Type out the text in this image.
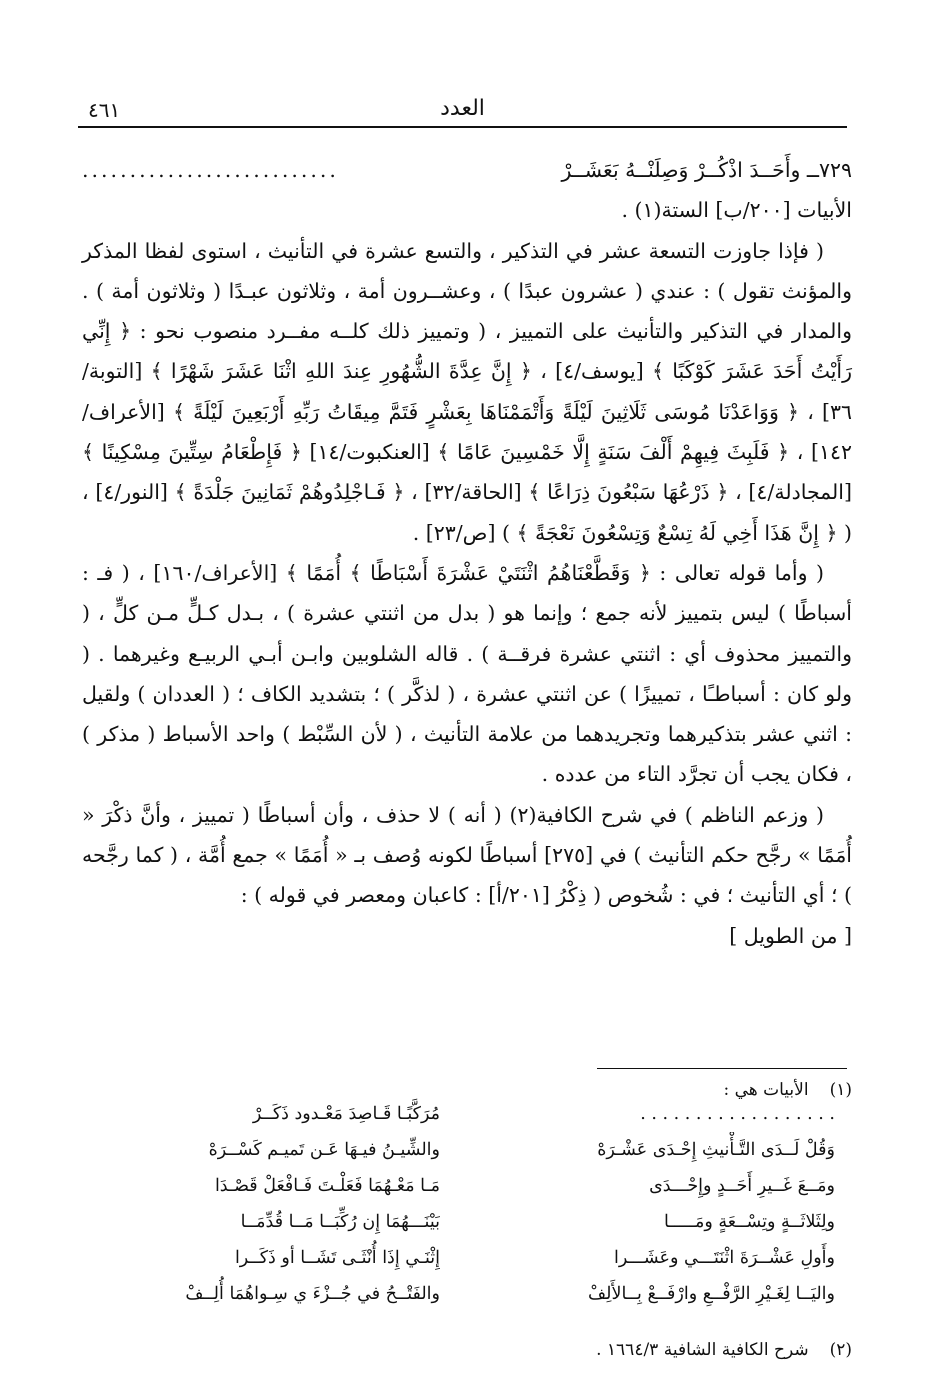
٤٦١	العدد
٧٢٩ــ وأَحَــدَ اذْكُــرْ وَصِلَنْــهُ بَعَشَــرْ
...........................

الأبيات [٢٠٠/ب] الستة(١) .

( فإذا جاوزت التسعة عشر في التذكير ، والتسع عشرة في التأنيث ، استوى لفظا المذكر والمؤنث تقول ) : عندي ( عشرون عبدًا ) ، وعشــرون أمة ، وثلاثون عبـدًا ( وثلاثون أمة ) . والمدار في التذكير والتأنيث على التمييز ، ( وتمييز ذلك كلــه مفــرد منصوب نحو : ﴿ إِنِّي رَأَيْتُ أَحَدَ عَشَرَ كَوْكَبًا ﴾ [يوسف/٤] ، ﴿ إِنَّ عِدَّةَ الشُّهُورِ عِندَ اللهِ اثْنَا عَشَرَ شَهْرًا ﴾ [التوبة/٣٦] ، ﴿ وَوَاعَدْنَا مُوسَى ثَلَاثِينَ لَيْلَةً وَأَتْمَمْنَاهَا بِعَشْرٍ فَتَمَّ مِيقَاتُ رَبِّهِ أَرْبَعِينَ لَيْلَةً ﴾ [الأعراف/١٤٢] ، ﴿ فَلَبِثَ فِيهِمْ أَلْفَ سَنَةٍ إِلَّا خَمْسِينَ عَامًا ﴾ [العنكبوت/١٤] ﴿ فَإِطْعَامُ سِتِّينَ مِسْكِينًا ﴾ [المجادلة/٤] ، ﴿ ذَرْعُهَا سَبْعُونَ ذِرَاعًا ﴾ [الحاقة/٣٢] ، ﴿ فَـاجْلِدُوهُمْ ثَمَانِينَ جَلْدَةً ﴾ [النور/٤] ، ( ﴿ إِنَّ هَذَا أَخِي لَهُ تِسْعٌ وَتِسْعُونَ نَعْجَةً ﴾ ) [ص/٢٣] .

( وأما قوله تعالى : ﴿ وَقَطَّعْنَاهُمُ اثْنَتَيْ عَشْرَةَ أَسْبَاطًا ﴾ أُمَمًا ﴾ [الأعراف/١٦٠] ، ( فـ : أسباطًا ) ليس بتمييز لأنه جمع ؛ وإنما هو ( بدل من اثنتي عشرة ) ، بـدل كـلٍّ مـن كلٍّ ، ( والتمييز محذوف أي : اثنتي عشرة فرقــة ) . قاله الشلوبين وابـن أبـي الربيـع وغيرهما . ( ولو كان : أسباطـًا ، تمييزًا ) عن اثنتي عشرة ، ( لذكَّر ) ؛ بتشديد الكاف ؛ ( العددان ) ولقيل : اثني عشر بتذكيرهما وتجريدهما من علامة التأنيث ، ( لأن السِّبْط ) واحد الأسباط ( مذكر ) ، فكان يجب أن تجرَّد التاء من عدده .

( وزعم الناظم ) في شرح الكافية(٢) ( أنه ) لا حذف ، وأن أسباطًا ( تمييز ، وأنَّ ذكْرَ « أُمَمًا » رجَّح حكم التأنيث ) في [٢٧٥] أسباطًا لكونه وُصف بـ « أُمَمًا » جمع أُمَّة ، ( كما رجَّحه ) ؛ أي التأنيث ؛ في : شُخوص ( ذِكْرُ [٢٠١/أ] : كاعبان ومعصر في قوله ) :

[ من الطويل ]
(١) الأبيات هي :
. . . . . . . . . . . . . . . . . .
مُرَكَّبًـا قَـاصِدَ مَعْـدود ذَكَــرْ
وَقُلْ لَــدَى التَّـأْنيثِ إِحْـدَى عَشْـرَهْ
والشِّيـنُ فيـهَا عَـن تَميـم كَسْــرَهْ
ومَــعَ غَــيرِ أَحَــدٍ وإِحْـــدَى
مَـا مَعْـهُمَا فَعَلْـتَ فَـافْعَلْ قَصْـدَا
ولِثَلاثَــةٍ وتِسْــعَةٍ ومَـــــا
بَيْنَـــهُمَا إِن رُكِّبَــا مَــا قُدِّمَــا
وأَولِ عَشْــرَةَ اثْنَتَـــي وعَشَـــرا
إِثْنَـي إِذَا أُنْثَـى تَشَــا أو ذَكَــرا
واليَــا لِغَـيْرِ الرَّفْــعِ وارْفَــعْ بِــالأَلِفْ
والفَتْــحُ في جُــزْءَ ي سِـواهُمَا أُلِــفْ
(٢) شرح الكافية الشافية ١٦٦٤/٣ .
